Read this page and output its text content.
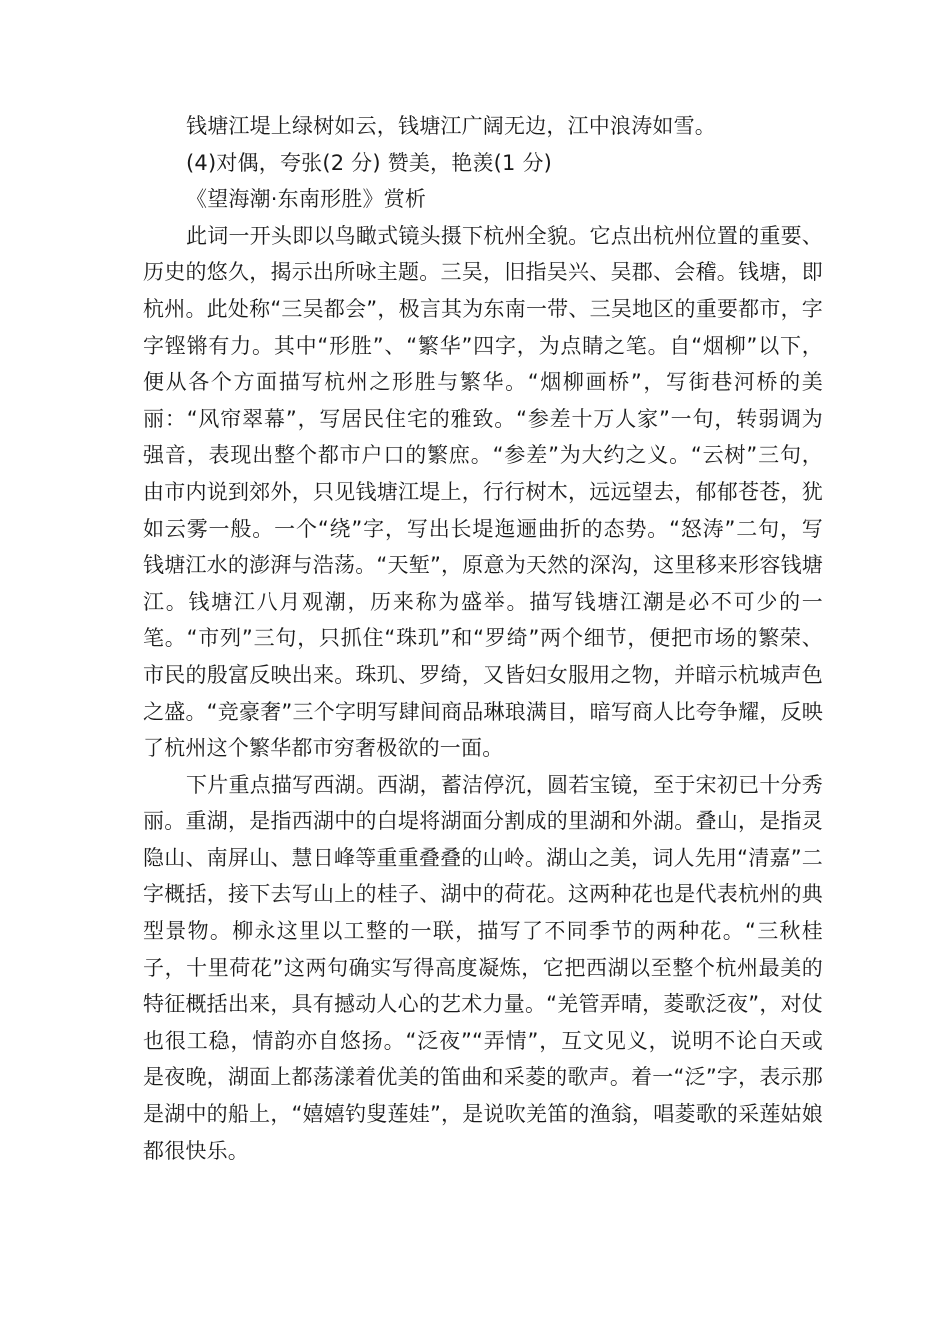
钱塘江堤上绿树如云，钱塘江广阔无边，江中浪涛如雪。

(4)对偶，夸张(2 分) 赞美，艳羡(1 分)

《望海潮·东南形胜》赏析

此词一开头即以鸟瞰式镜头摄下杭州全貌。它点出杭州位置的重要、历史的悠久，揭示出所咏主题。三吴，旧指吴兴、吴郡、会稽。钱塘，即杭州。此处称“三吴都会”，极言其为东南一带、三吴地区的重要都市，字字铿锵有力。其中“形胜”、“繁华”四字，为点睛之笔。自“烟柳”以下，便从各个方面描写杭州之形胜与繁华。“烟柳画桥”，写街巷河桥的美丽：“风帘翠幕”，写居民住宅的雅致。“参差十万人家”一句，转弱调为强音，表现出整个都市户口的繁庶。“参差”为大约之义。“云树”三句，由市内说到郊外，只见钱塘江堤上，行行树木，远远望去，郁郁苍苍，犹如云雾一般。一个“绕”字，写出长堤迤逦曲折的态势。“怒涛”二句，写钱塘江水的澎湃与浩荡。“天堑”，原意为天然的深沟，这里移来形容钱塘江。钱塘江八月观潮，历来称为盛举。描写钱塘江潮是必不可少的一笔。“市列”三句，只抓住“珠玑”和“罗绮”两个细节，便把市场的繁荣、市民的殷富反映出来。珠玑、罗绮，又皆妇女服用之物，并暗示杭城声色之盛。“竞豪奢”三个字明写肆间商品琳琅满目，暗写商人比夸争耀，反映了杭州这个繁华都市穷奢极欲的一面。

下片重点描写西湖。西湖，蓄洁停沉，圆若宝镜，至于宋初已十分秀丽。重湖，是指西湖中的白堤将湖面分割成的里湖和外湖。叠山，是指灵隐山、南屏山、慧日峰等重重叠叠的山岭。湖山之美，词人先用“清嘉”二字概括，接下去写山上的桂子、湖中的荷花。这两种花也是代表杭州的典型景物。柳永这里以工整的一联，描写了不同季节的两种花。“三秋桂子，十里荷花”这两句确实写得高度凝炼，它把西湖以至整个杭州最美的特征概括出来，具有撼动人心的艺术力量。“羌管弄晴，菱歌泛夜”，对仗也很工稳，情韵亦自悠扬。“泛夜”“弄情”，互文见义，说明不论白天或是夜晚，湖面上都荡漾着优美的笛曲和采菱的歌声。着一“泛”字，表示那是湖中的船上，“嬉嬉钓叟莲娃”，是说吹羌笛的渔翁，唱菱歌的采莲姑娘都很快乐。
